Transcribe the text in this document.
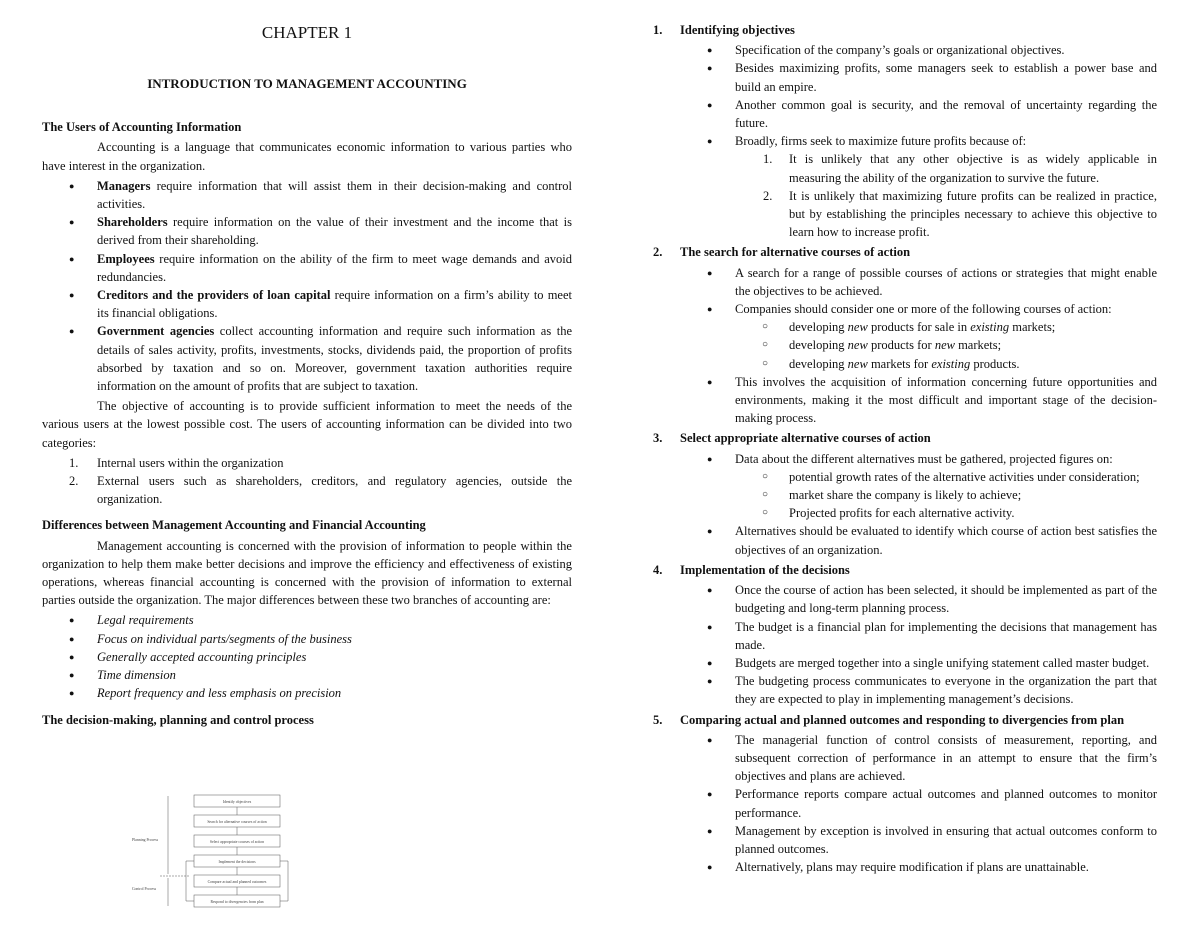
CHAPTER 1
INTRODUCTION TO MANAGEMENT ACCOUNTING
The Users of Accounting Information

Accounting is a language that communicates economic information to various parties who have interest in the organization.

● Managers require information that will assist them in their decision-making and control activities.
● Shareholders require information on the value of their investment and the income that is derived from their shareholding.
● Employees require information on the ability of the firm to meet wage demands and avoid redundancies.
● Creditors and the providers of loan capital require information on a firm’s ability to meet its financial obligations.
● Government agencies collect accounting information and require such information as the details of sales activity, profits, investments, stocks, dividends paid, the proportion of profits absorbed by taxation and so on. Moreover, government taxation authorities require information on the amount of profits that are subject to taxation.

The objective of accounting is to provide sufficient information to meet the needs of the various users at the lowest possible cost. The users of accounting information can be divided into two categories:

1. Internal users within the organization
2. External users such as shareholders, creditors, and regulatory agencies, outside the organization.
Differences between Management Accounting and Financial Accounting

Management accounting is concerned with the provision of information to people within the organization to help them make better decisions and improve the efficiency and effectiveness of existing operations, whereas financial accounting is concerned with the provision of information to external parties outside the organization. The major differences between these two branches of accounting are:

● Legal requirements
● Focus on individual parts/segments of the business
● Generally accepted accounting principles
● Time dimension
● Report frequency and less emphasis on precision
The decision-making, planning and control process
Identify objectives
Search for alternative courses of action
Select appropriate courses of action
Implement the decisions
Compare actual and planned outcomes
Respond to divergencies from plan
Planning Process
Control Process
1. Identifying objectives
● Specification of the company’s goals or organizational objectives.
● Besides maximizing profits, some managers seek to establish a power base and build an empire.
● Another common goal is security, and the removal of uncertainty regarding the future.
● Broadly, firms seek to maximize future profits because of:
1. It is unlikely that any other objective is as widely applicable in measuring the ability of the organization to survive the future.
2. It is unlikely that maximizing future profits can be realized in practice, but by establishing the principles necessary to achieve this objective to learn how to increase profit.
2. The search for alternative courses of action
● A search for a range of possible courses of actions or strategies that might enable the objectives to be achieved.
● Companies should consider one or more of the following courses of action:
○ developing new products for sale in existing markets;
○ developing new products for new markets;
○ developing new markets for existing products.
● This involves the acquisition of information concerning future opportunities and environments, making it the most difficult and important stage of the decision-making process.
3. Select appropriate alternative courses of action
● Data about the different alternatives must be gathered, projected figures on:
○ potential growth rates of the alternative activities under consideration;
○ market share the company is likely to achieve;
○ Projected profits for each alternative activity.
● Alternatives should be evaluated to identify which course of action best satisfies the objectives of an organization.
4. Implementation of the decisions
● Once the course of action has been selected, it should be implemented as part of the budgeting and long-term planning process.
● The budget is a financial plan for implementing the decisions that management has made.
● Budgets are merged together into a single unifying statement called master budget.
● The budgeting process communicates to everyone in the organization the part that they are expected to play in implementing management’s decisions.
5. Comparing actual and planned outcomes and responding to divergencies from plan
● The managerial function of control consists of measurement, reporting, and subsequent correction of performance in an attempt to ensure that the firm’s objectives and plans are achieved.
● Performance reports compare actual outcomes and planned outcomes to monitor performance.
● Management by exception is involved in ensuring that actual outcomes conform to planned outcomes.
● Alternatively, plans may require modification if plans are unattainable.
